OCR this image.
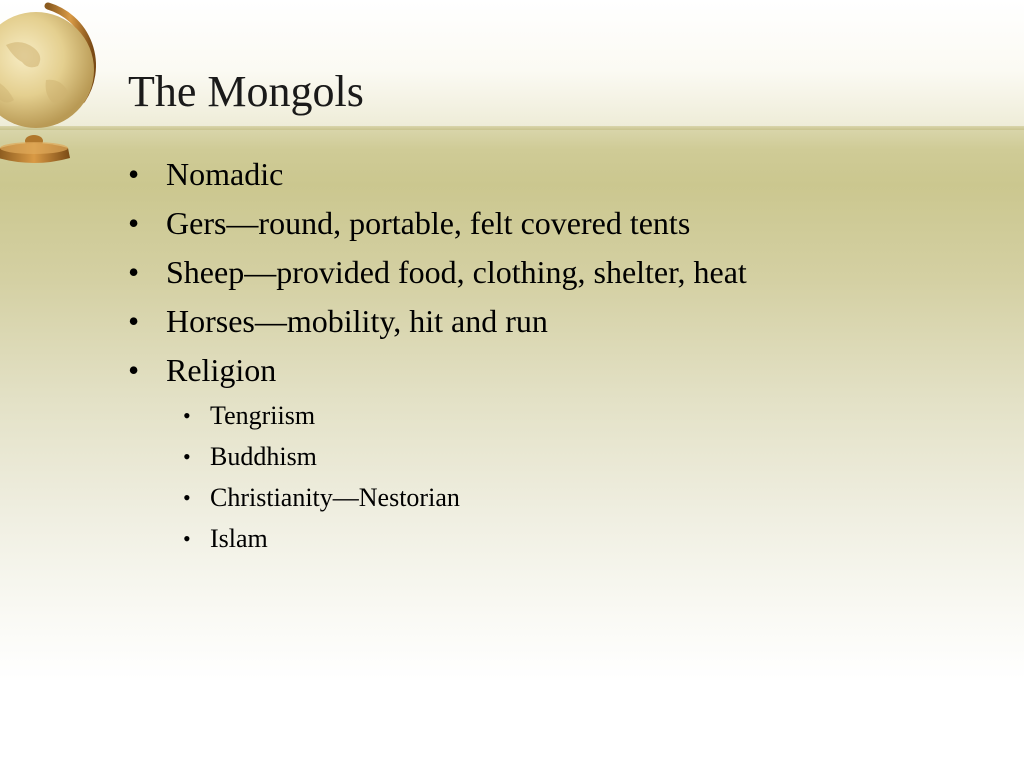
The Mongols
• Nomadic
• Gers—round, portable, felt covered tents
• Sheep—provided food, clothing, shelter, heat
• Horses—mobility, hit and run
• Religion
• Tengriism
• Buddhism
• Christianity—Nestorian
• Islam
